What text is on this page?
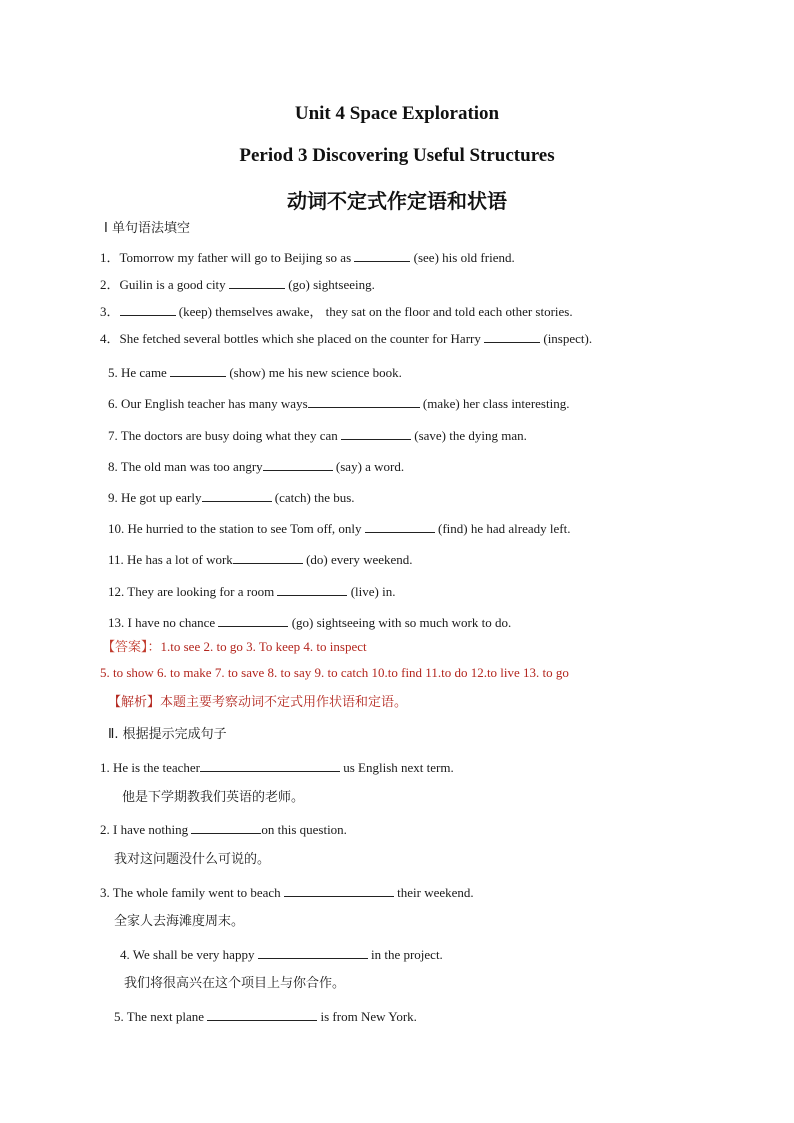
Unit 4 Space Exploration
Period 3 Discovering Useful Structures
动词不定式作定语和状语
Ⅰ 单句语法填空
1．Tomorrow my father will go to Beijing so as	(see) his old friend.
2．Guilin is a good city	(go) sightseeing.
3．	(keep) themselves awake， they sat on the floor and told each other stories.
4．She fetched several bottles which she placed on the counter for Harry	(inspect).
5. He came	(show) me his new science book.
6. Our English teacher has many ways	(make) her class interesting.
7. The doctors are busy doing what they can	(save) the dying man.
8. The old man was too angry	(say) a word.
9. He got up early	(catch) the bus.
10. He hurried to the station to see Tom off, only	(find) he had already left.
11. He has a lot of work	(do) every weekend.
12. They are looking for a room	(live) in.
13. I have no chance	(go) sightseeing with so much work to do.
【答案】：1.to see 2. to go 3. To keep 4. to inspect
5. to show 6. to make 7. to save 8. to say 9. to catch 10.to find 11.to do 12.to live 13. to go
【解析】本题主要考察动词不定式用作状语和定语。
Ⅱ. 根据提示完成句子
1. He is the teacher	us English next term.
他是下学期教我们英语的老师。
2. I have nothing	on this question.
我对这问题没什么可说的。
3. The whole family went to beach	their weekend.
全家人去海滩度周末。
4. We shall be very happy	in the project.
我们将很高兴在这个项目上与你合作。
5. The next plane	is from New York.
